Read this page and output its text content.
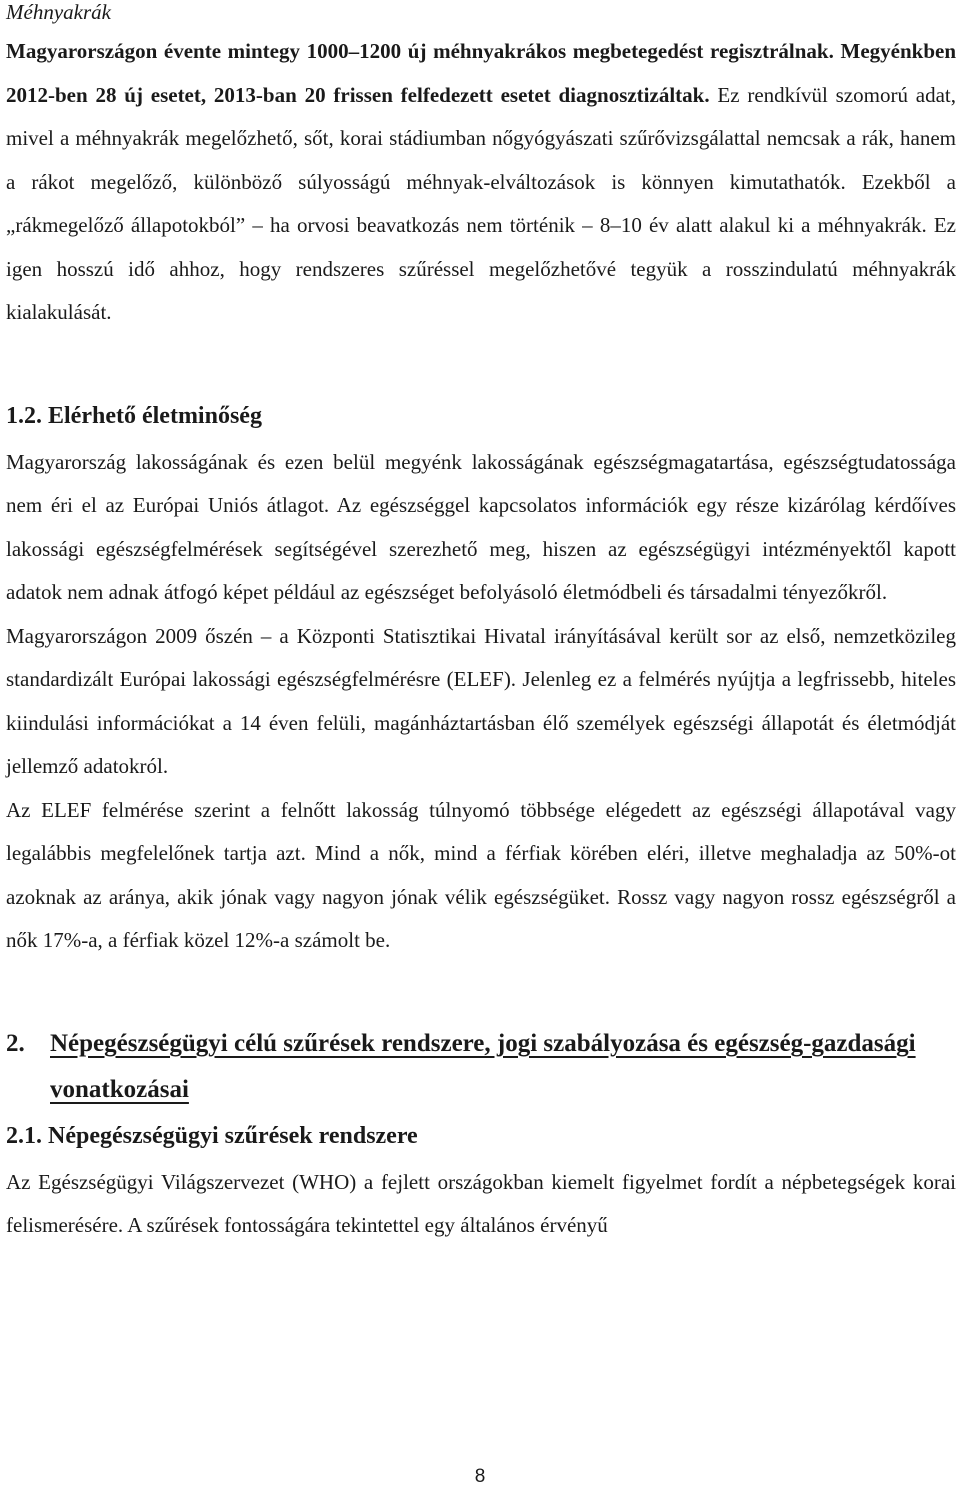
Méhnyakrák

Magyarországon évente mintegy 1000–1200 új méhnyakrákos megbetegedést regisztrálnak. Megyénkben 2012-ben 28 új esetet, 2013-ban 20 frissen felfedezett esetet diagnosztizáltak. Ez rendkívül szomorú adat, mivel a méhnyakrák megelőzhető, sőt, korai stádiumban nőgyógyászati szűrővizsgálattal nemcsak a rák, hanem a rákot megelőző, különböző súlyosságú méhnyak-elváltozások is könnyen kimutathatók. Ezekből a „rákmegelőző állapotokból” – ha orvosi beavatkozás nem történik – 8–10 év alatt alakul ki a méhnyakrák. Ez igen hosszú idő ahhoz, hogy rendszeres szűréssel megelőzhetővé tegyük a rosszindulatú méhnyakrák kialakulását.

1.2. Elérhető életminőség

Magyarország lakosságának és ezen belül megyénk lakosságának egészségmagatartása, egészségtudatossága nem éri el az Európai Uniós átlagot. Az egészséggel kapcsolatos információk egy része kizárólag kérdőíves lakossági egészségfelmérések segítségével szerezhető meg, hiszen az egészségügyi intézményektől kapott adatok nem adnak átfogó képet például az egészséget befolyásoló életmódbeli és társadalmi tényezőkről.

Magyarországon 2009 őszén – a Központi Statisztikai Hivatal irányításával került sor az első, nemzetközileg standardizált Európai lakossági egészségfelmérésre (ELEF). Jelenleg ez a felmérés nyújtja a legfrissebb, hiteles kiindulási információkat a 14 éven felüli, magánháztartásban élő személyek egészségi állapotát és életmódját jellemző adatokról.

Az ELEF felmérése szerint a felnőtt lakosság túlnyomó többsége elégedett az egészségi állapotával vagy legalábbis megfelelőnek tartja azt. Mind a nők, mind a férfiak körében eléri, illetve meghaladja az 50%-ot azoknak az aránya, akik jónak vagy nagyon jónak vélik egészségüket. Rossz vagy nagyon rossz egészségről a nők 17%-a, a férfiak közel 12%-a számolt be.

2.	Népegészségügyi célú szűrések rendszere, jogi szabályozása és egészség-gazdasági vonatkozásai
2.1. Népegészségügyi szűrések rendszere

Az Egészségügyi Világszervezet (WHO) a fejlett országokban kiemelt figyelmet fordít a népbetegségek korai felismerésére. A szűrések fontosságára tekintettel egy általános érvényű

8
